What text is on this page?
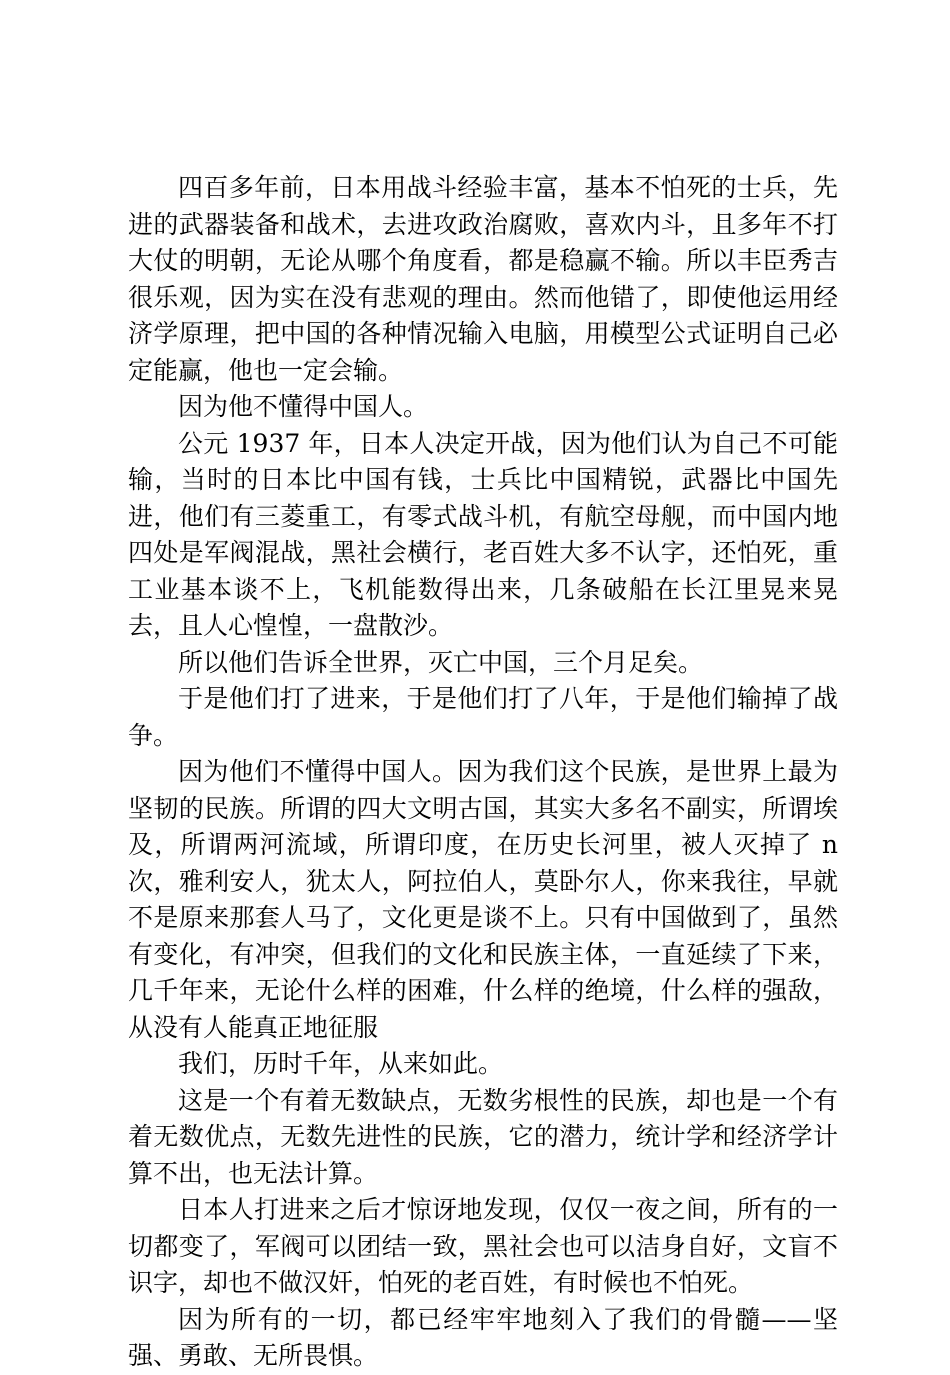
四百多年前，日本用战斗经验丰富，基本不怕死的士兵，先进的武器装备和战术，去进攻政治腐败，喜欢内斗，且多年不打大仗的明朝，无论从哪个角度看，都是稳赢不输。所以丰臣秀吉很乐观，因为实在没有悲观的理由。然而他错了，即使他运用经济学原理，把中国的各种情况输入电脑，用模型公式证明自己必定能赢，他也一定会输。

因为他不懂得中国人。

公元 1937 年，日本人决定开战，因为他们认为自己不可能输，当时的日本比中国有钱，士兵比中国精锐，武器比中国先进，他们有三菱重工，有零式战斗机，有航空母舰，而中国内地四处是军阀混战，黑社会横行，老百姓大多不认字，还怕死，重工业基本谈不上，飞机能数得出来，几条破船在长江里晃来晃去，且人心惶惶，一盘散沙。

所以他们告诉全世界，灭亡中国，三个月足矣。

于是他们打了进来，于是他们打了八年，于是他们输掉了战争。

因为他们不懂得中国人。因为我们这个民族，是世界上最为坚韧的民族。所谓的四大文明古国，其实大多名不副实，所谓埃及，所谓两河流域，所谓印度，在历史长河里，被人灭掉了 n 次，雅利安人，犹太人，阿拉伯人，莫卧尔人，你来我往，早就不是原来那套人马了，文化更是谈不上。只有中国做到了，虽然有变化，有冲突，但我们的文化和民族主体，一直延续了下来，几千年来，无论什么样的困难，什么样的绝境，什么样的强敌，从没有人能真正地征服

我们，历时千年，从来如此。

这是一个有着无数缺点，无数劣根性的民族，却也是一个有着无数优点，无数先进性的民族，它的潜力，统计学和经济学计算不出，也无法计算。

日本人打进来之后才惊讶地发现，仅仅一夜之间，所有的一切都变了，军阀可以团结一致，黑社会也可以洁身自好，文盲不识字，却也不做汉奸，怕死的老百姓，有时候也不怕死。

因为所有的一切，都已经牢牢地刻入了我们的骨髓——坚强、勇敢、无所畏惧。
